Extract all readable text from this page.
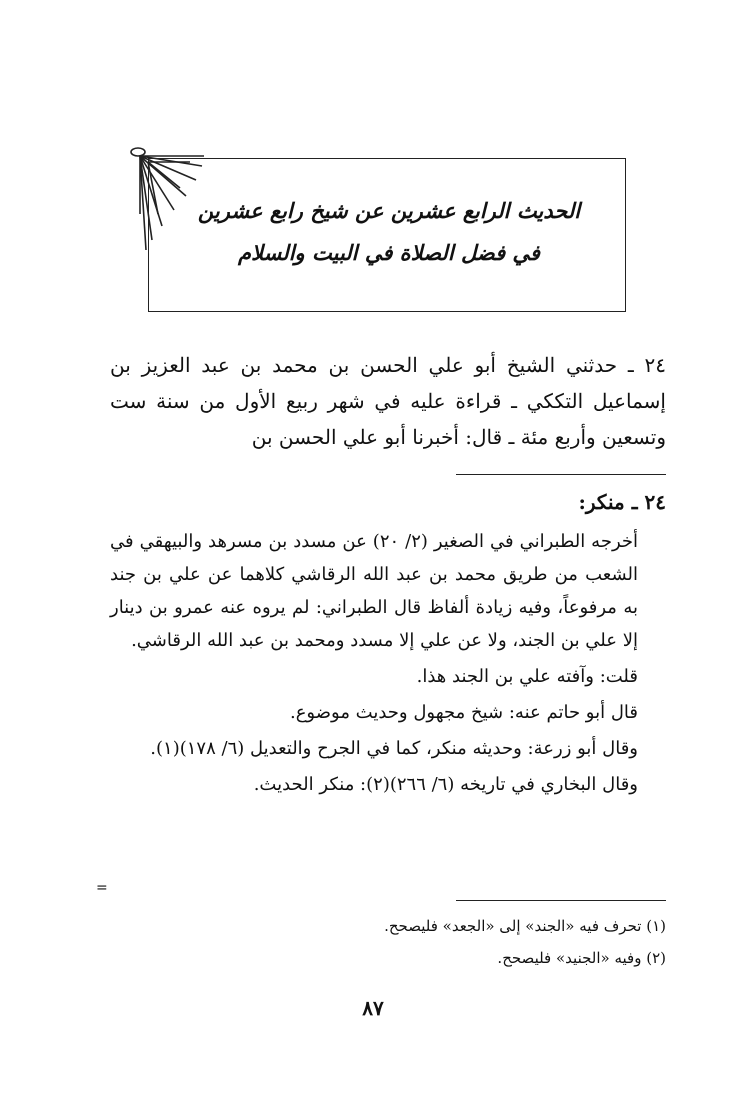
الحديث الرابع عشرين عن شيخ رابع عشرين
في فضل الصلاة في البيت والسلام

٢٤ ـ حدثني الشيخ أبو علي الحسن بن محمد بن عبد العزيز بن إسماعيل التككي ـ قراءة عليه في شهر ربيع الأول من سنة ست وتسعين وأربع مئة ـ قال: أخبرنا أبو علي الحسن بن

٢٤ ـ منكر:

أخرجه الطبراني في الصغير (٢/ ٢٠) عن مسدد بن مسرهد والبيهقي في الشعب من طريق محمد بن عبد الله الرقاشي كلاهما عن علي بن جند به مرفوعاً، وفيه زيادة ألفاظ قال الطبراني: لم يروه عنه عمرو بن دينار إلا علي بن الجند، ولا عن علي إلا مسدد ومحمد بن عبد الله الرقاشي.

قلت: وآفته علي بن الجند هذا.

قال أبو حاتم عنه: شيخ مجهول وحديث موضوع.

وقال أبو زرعة: وحديثه منكر، كما في الجرح والتعديل (٦/ ١٧٨)(١).

وقال البخاري في تاريخه (٦/ ٢٦٦)(٢): منكر الحديث.

=
(١) تحرف فيه «الجند» إلى «الجعد» فليصحح.
(٢) وفيه «الجنيد» فليصحح.
٨٧
